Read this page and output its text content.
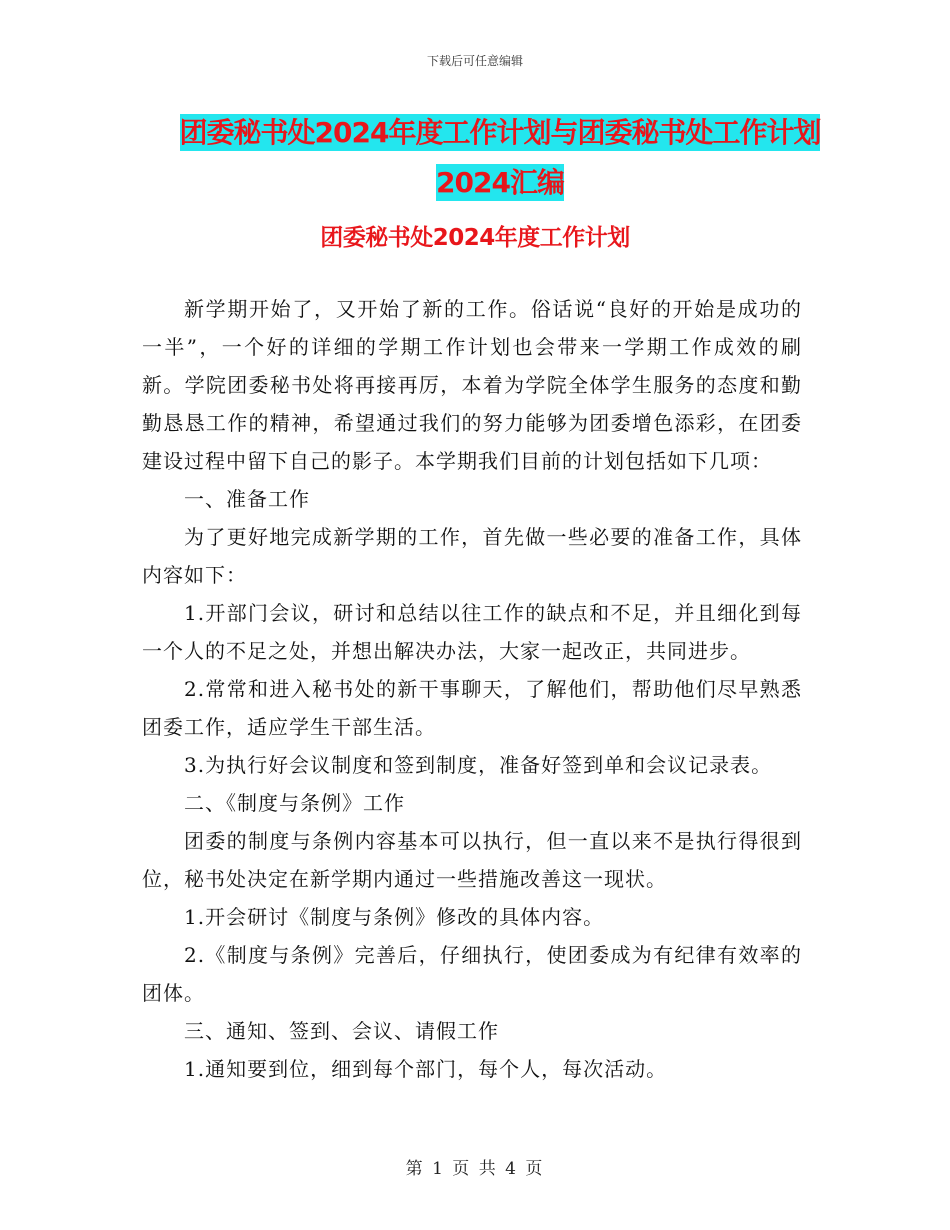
下载后可任意编辑
团委秘书处2024年度工作计划与团委秘书处工作计划
2024汇编
团委秘书处2024年度工作计划

新学期开始了，又开始了新的工作。俗话说“良好的开始是成功的一半”，一个好的详细的学期工作计划也会带来一学期工作成效的刷新。学院团委秘书处将再接再厉，本着为学院全体学生服务的态度和勤勤恳恳工作的精神，希望通过我们的努力能够为团委增色添彩，在团委建设过程中留下自己的影子。本学期我们目前的计划包括如下几项：

一、准备工作

为了更好地完成新学期的工作，首先做一些必要的准备工作，具体内容如下：

1.开部门会议，研讨和总结以往工作的缺点和不足，并且细化到每一个人的不足之处，并想出解决办法，大家一起改正，共同进步。

2.常常和进入秘书处的新干事聊天，了解他们，帮助他们尽早熟悉团委工作，适应学生干部生活。

3.为执行好会议制度和签到制度，准备好签到单和会议记录表。

二、《制度与条例》工作

团委的制度与条例内容基本可以执行，但一直以来不是执行得很到位，秘书处决定在新学期内通过一些措施改善这一现状。

1.开会研讨《制度与条例》修改的具体内容。

2.《制度与条例》完善后，仔细执行，使团委成为有纪律有效率的团体。

三、通知、签到、会议、请假工作

1.通知要到位，细到每个部门，每个人，每次活动。

第 1 页 共 4 页
